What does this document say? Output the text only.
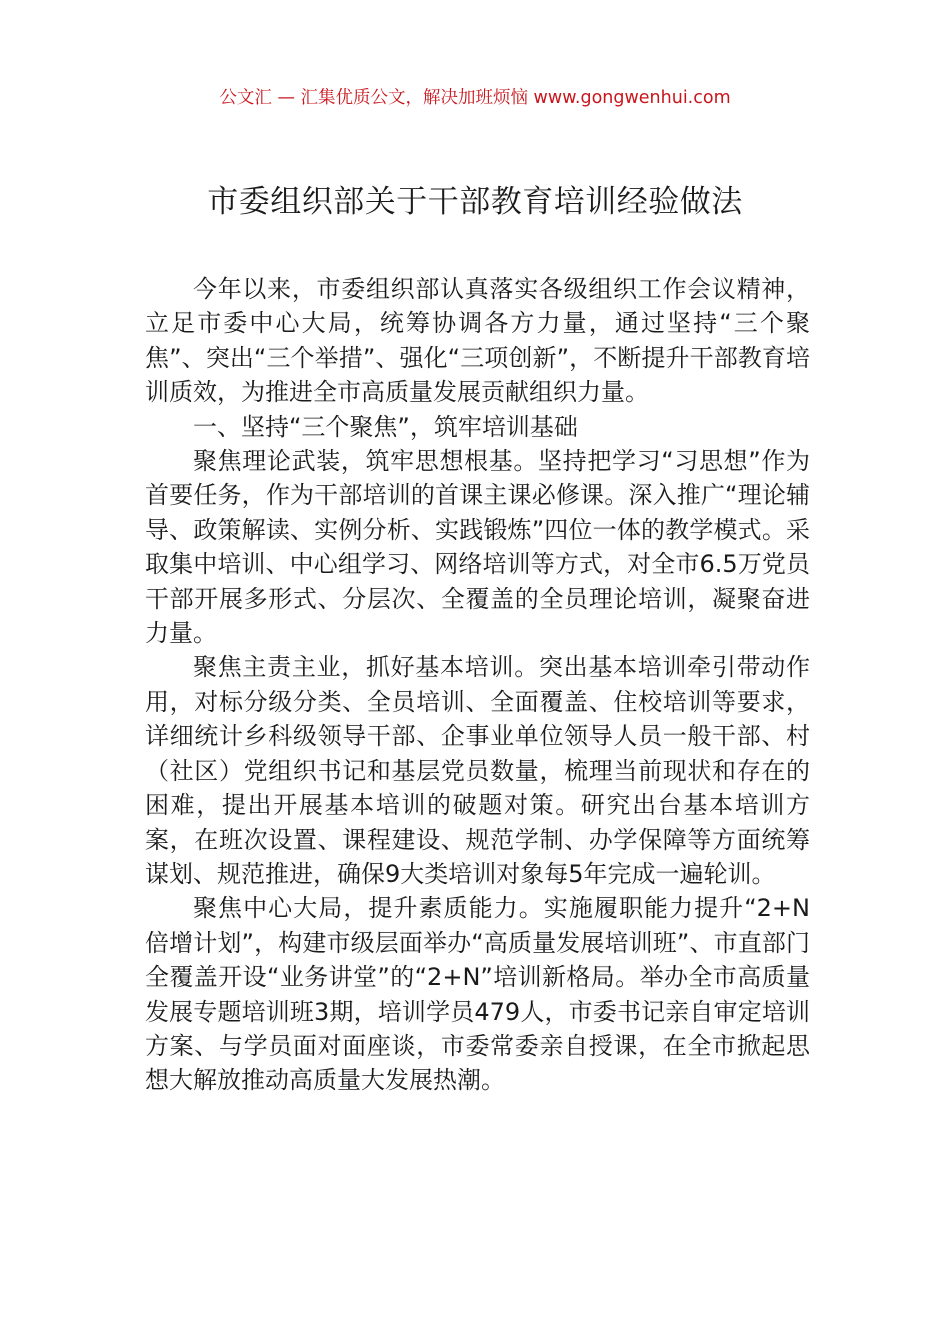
公文汇 — 汇集优质公文，解决加班烦恼 www.gongwenhui.com
市委组织部关于干部教育培训经验做法

今年以来，市委组织部认真落实各级组织工作会议精神，立足市委中心大局，统筹协调各方力量，通过坚持“三个聚焦”、突出“三个举措”、强化“三项创新”，不断提升干部教育培训质效，为推进全市高质量发展贡献组织力量。

一、坚持“三个聚焦”，筑牢培训基础

聚焦理论武装，筑牢思想根基。坚持把学习“习思想”作为首要任务，作为干部培训的首课主课必修课。深入推广“理论辅导、政策解读、实例分析、实践锻炼”四位一体的教学模式。采取集中培训、中心组学习、网络培训等方式，对全市6.5万党员干部开展多形式、分层次、全覆盖的全员理论培训，凝聚奋进力量。

聚焦主责主业，抓好基本培训。突出基本培训牵引带动作用，对标分级分类、全员培训、全面覆盖、住校培训等要求，详细统计乡科级领导干部、企事业单位领导人员一般干部、村（社区）党组织书记和基层党员数量，梳理当前现状和存在的困难，提出开展基本培训的破题对策。研究出台基本培训方案，在班次设置、课程建设、规范学制、办学保障等方面统筹谋划、规范推进，确保9大类培训对象每5年完成一遍轮训。

聚焦中心大局，提升素质能力。实施履职能力提升“2+N倍增计划”，构建市级层面举办“高质量发展培训班”、市直部门全覆盖开设“业务讲堂”的“2+N”培训新格局。举办全市高质量发展专题培训班3期，培训学员479人，市委书记亲自审定培训方案、与学员面对面座谈，市委常委亲自授课，在全市掀起思想大解放推动高质量大发展热潮。
